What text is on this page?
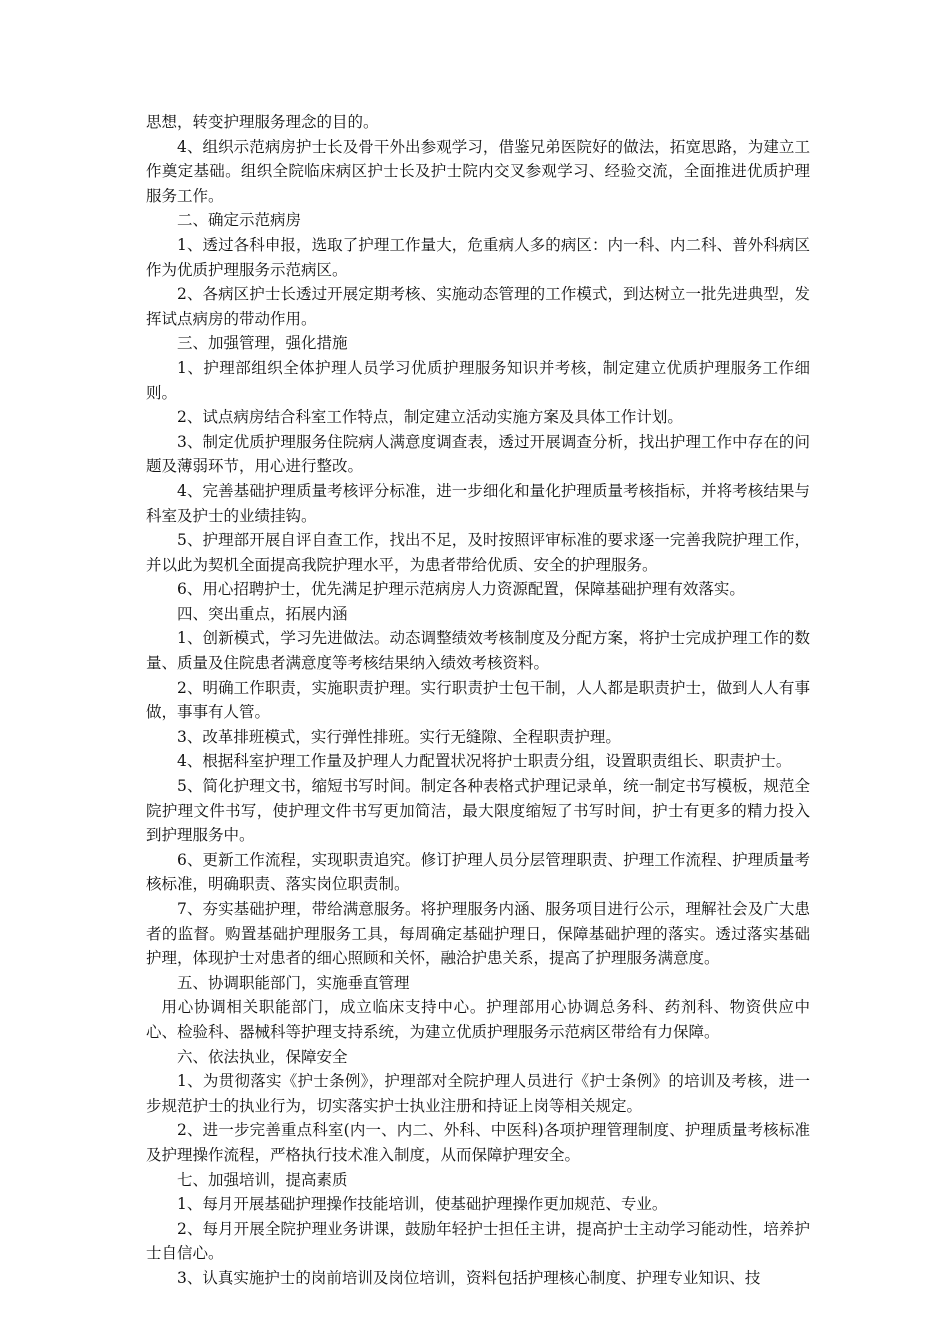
思想，转变护理服务理念的目的。

4、组织示范病房护士长及骨干外出参观学习，借鉴兄弟医院好的做法，拓宽思路，为建立工作奠定基础。组织全院临床病区护士长及护士院内交叉参观学习、经验交流，全面推进优质护理服务工作。

二、确定示范病房

1、透过各科申报，选取了护理工作量大，危重病人多的病区：内一科、内二科、普外科病区作为优质护理服务示范病区。

2、各病区护士长透过开展定期考核、实施动态管理的工作模式，到达树立一批先进典型，发挥试点病房的带动作用。

三、加强管理，强化措施

1、护理部组织全体护理人员学习优质护理服务知识并考核，制定建立优质护理服务工作细则。

2、试点病房结合科室工作特点，制定建立活动实施方案及具体工作计划。

3、制定优质护理服务住院病人满意度调查表，透过开展调查分析，找出护理工作中存在的问题及薄弱环节，用心进行整改。

4、完善基础护理质量考核评分标准，进一步细化和量化护理质量考核指标，并将考核结果与科室及护士的业绩挂钩。

5、护理部开展自评自查工作，找出不足，及时按照评审标准的要求逐一完善我院护理工作，并以此为契机全面提高我院护理水平，为患者带给优质、安全的护理服务。

6、用心招聘护士，优先满足护理示范病房人力资源配置，保障基础护理有效落实。

四、突出重点，拓展内涵

1、创新模式，学习先进做法。动态调整绩效考核制度及分配方案，将护士完成护理工作的数量、质量及住院患者满意度等考核结果纳入绩效考核资料。

2、明确工作职责，实施职责护理。实行职责护士包干制，人人都是职责护士，做到人人有事做，事事有人管。

3、改革排班模式，实行弹性排班。实行无缝隙、全程职责护理。

4、根据科室护理工作量及护理人力配置状况将护士职责分组，设置职责组长、职责护士。

5、简化护理文书，缩短书写时间。制定各种表格式护理记录单，统一制定书写模板，规范全院护理文件书写，使护理文件书写更加简洁，最大限度缩短了书写时间，护士有更多的精力投入到护理服务中。

6、更新工作流程，实现职责追究。修订护理人员分层管理职责、护理工作流程、护理质量考核标准，明确职责、落实岗位职责制。

7、夯实基础护理，带给满意服务。将护理服务内涵、服务项目进行公示，理解社会及广大患者的监督。购置基础护理服务工具，每周确定基础护理日，保障基础护理的落实。透过落实基础护理，体现护士对患者的细心照顾和关怀，融洽护患关系，提高了护理服务满意度。

五、协调职能部门，实施垂直管理

用心协调相关职能部门，成立临床支持中心。护理部用心协调总务科、药剂科、物资供应中心、检验科、器械科等护理支持系统，为建立优质护理服务示范病区带给有力保障。

六、依法执业，保障安全

1、为贯彻落实《护士条例》，护理部对全院护理人员进行《护士条例》的培训及考核，进一步规范护士的执业行为，切实落实护士执业注册和持证上岗等相关规定。

2、进一步完善重点科室(内一、内二、外科、中医科)各项护理管理制度、护理质量考核标准及护理操作流程，严格执行技术准入制度，从而保障护理安全。

七、加强培训，提高素质

1、每月开展基础护理操作技能培训，使基础护理操作更加规范、专业。

2、每月开展全院护理业务讲课，鼓励年轻护士担任主讲，提高护士主动学习能动性，培养护士自信心。

3、认真实施护士的岗前培训及岗位培训，资料包括护理核心制度、护理专业知识、技
